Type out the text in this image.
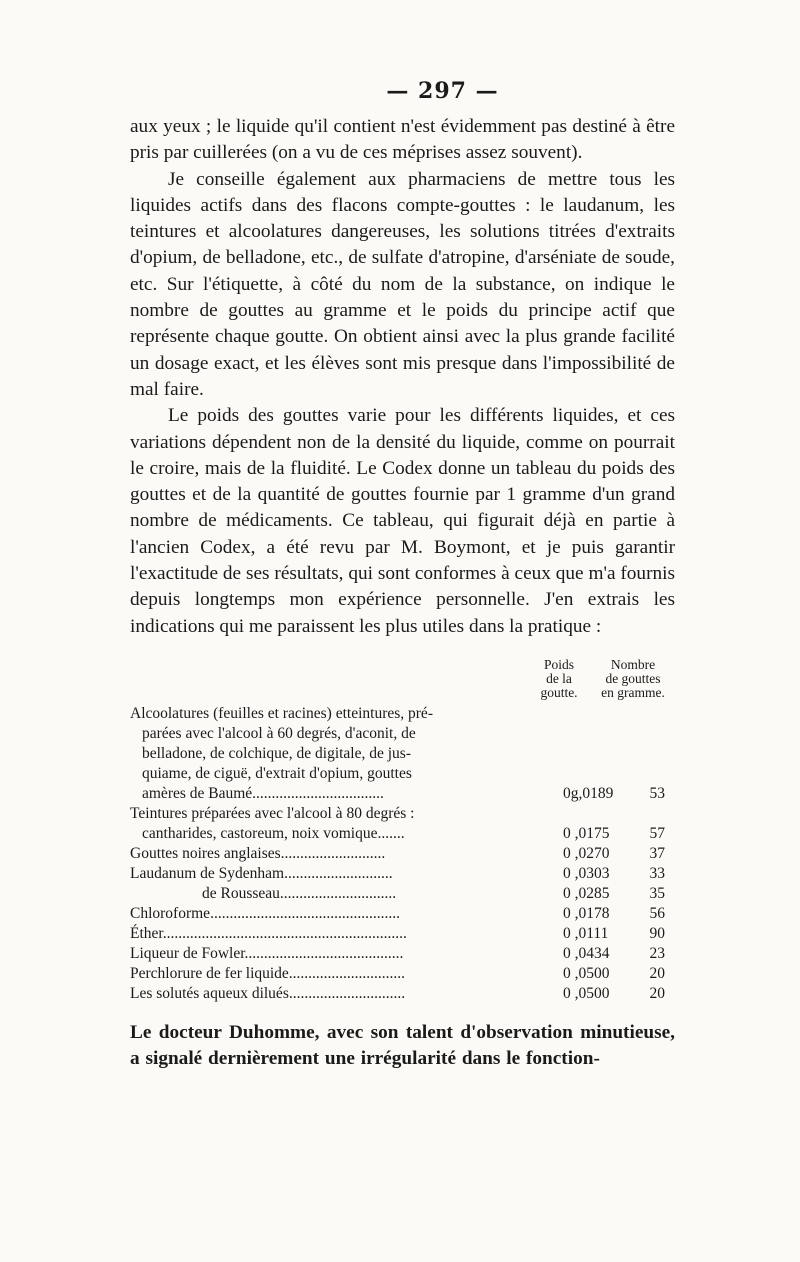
— 297 —

aux yeux ; le liquide qu'il contient n'est évidemment pas destiné à être pris par cuillerées (on a vu de ces méprises assez souvent).

Je conseille également aux pharmaciens de mettre tous les liquides actifs dans des flacons compte-gouttes : le laudanum, les teintures et alcoolatures dangereuses, les solutions titrées d'extraits d'opium, de belladone, etc., de sulfate d'atropine, d'arséniate de soude, etc. Sur l'étiquette, à côté du nom de la substance, on indique le nombre de gouttes au gramme et le poids du principe actif que représente chaque goutte. On obtient ainsi avec la plus grande facilité un dosage exact, et les élèves sont mis presque dans l'impossibilité de mal faire.

Le poids des gouttes varie pour les différents liquides, et ces variations dépendent non de la densité du liquide, comme on pourrait le croire, mais de la fluidité. Le Codex donne un tableau du poids des gouttes et de la quantité de gouttes fournie par 1 gramme d'un grand nombre de médicaments. Ce tableau, qui figurait déjà en partie à l'ancien Codex, a été revu par M. Boymont, et je puis garantir l'exactitude de ses résultats, qui sont conformes à ceux que m'a fournis depuis longtemps mon expérience personnelle. J'en extrais les indications qui me paraissent les plus utiles dans la pratique :

Poids
de la
goutte.
Nombre
de gouttes
en gramme.
Alcoolatures (feuilles et racines) etteintures, pré-
parées avec l'alcool à 60 degrés, d'aconit, de
belladone, de colchique, de digitale, de jus-
quiame, de ciguë, d'extrait d'opium, gouttes
amères de Baumé..................................	0g,0189	53
Teintures préparées avec l'alcool à 80 degrés :
cantharides, castoreum, noix vomique.......	0 ,0175	57
Gouttes noires anglaises...........................	0 ,0270	37
Laudanum de Sydenham............................	0 ,0303	33
de Rousseau..............................	0 ,0285	35
Chloroforme.................................................	0 ,0178	56
Éther...............................................................	0 ,0111	90
Liqueur de Fowler.........................................	0 ,0434	23
Perchlorure de fer liquide..............................	0 ,0500	20
Les solutés aqueux dilués..............................	0 ,0500	20

Le docteur Duhomme, avec son talent d'observation minutieuse, a signalé dernièrement une irrégularité dans le fonction-
